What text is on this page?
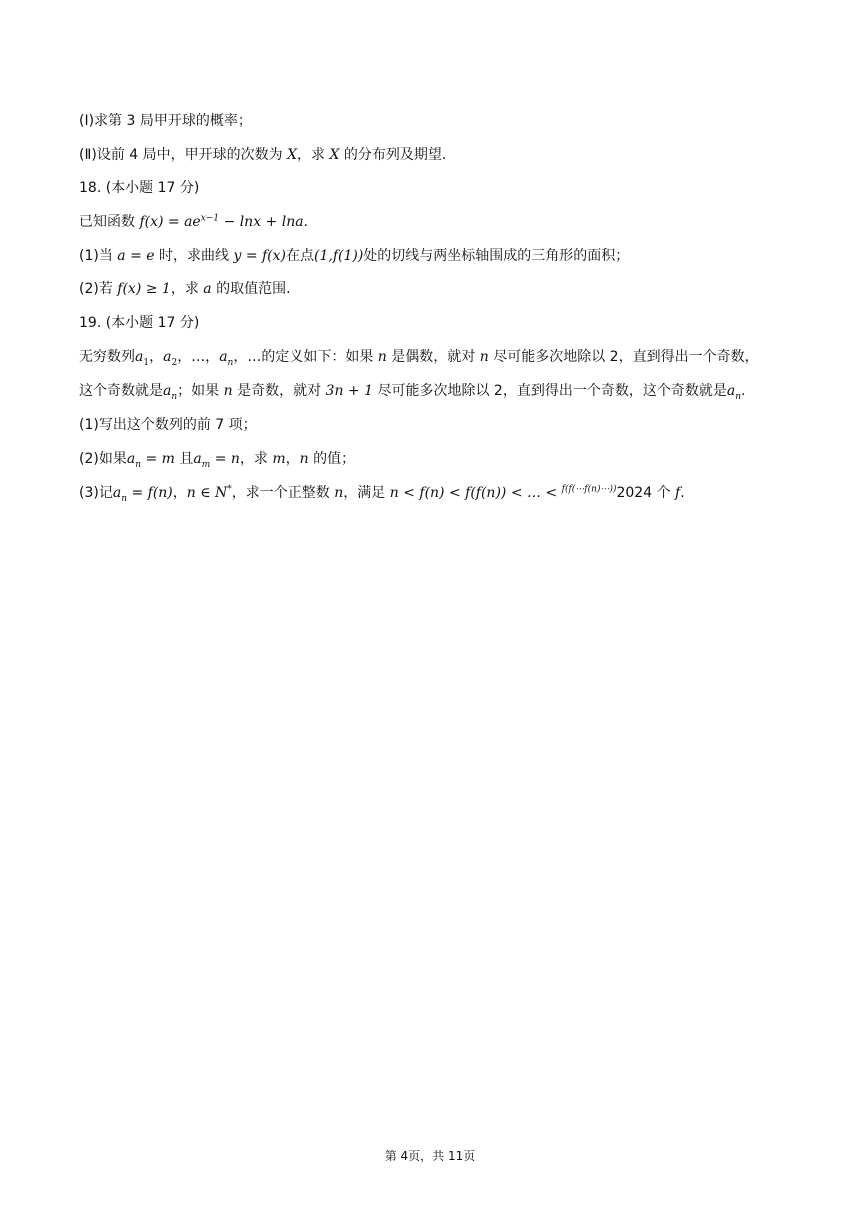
(Ⅰ)求第 3 局甲开球的概率；
(Ⅱ)设前 4 局中，甲开球的次数为 X，求 X 的分布列及期望.
18. (本小题 17 分)
已知函数 $f(x) = ae^{x-1} - \ln x + \ln a$.
(1)当 a = e 时，求曲线 y = f(x)在点(1,f(1))处的切线与两坐标轴围成的三角形的面积；
(2)若 f(x) ≥ 1，求 a 的取值范围.
19. (本小题 17 分)
无穷数列$a_1$，$a_2$，…，$a_n$，…的定义如下：如果 n 是偶数，就对 n 尽可能多次地除以 2，直到得出一个奇数，
这个奇数就是$a_n$；如果 n 是奇数，就对 3n + 1 尽可能多次地除以 2，直到得出一个奇数，这个奇数就是$a_n$.
(1)写出这个数列的前 7 项；
(2)如果$a_n = m$ 且$a_m = n$，求 m，n 的值；
(3)记$a_n = f(n)$，n ∈ N*，求一个正整数 n，满足 n < f(n) < f(f(n)) < … < $^{f(f(\cdots f(n)\cdots))}$2024 个 f.
第 4页，共 11页
